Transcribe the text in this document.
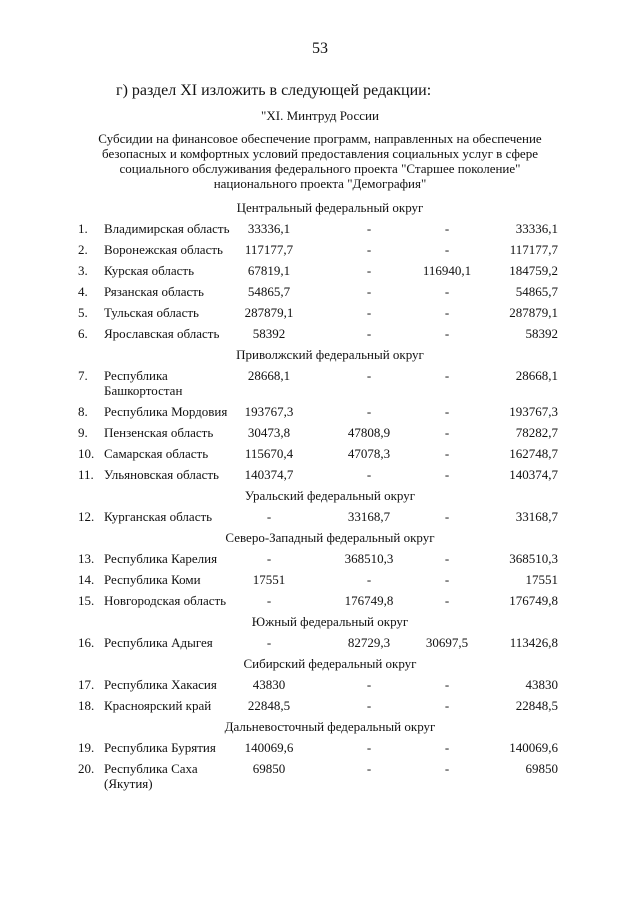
53
г) раздел XI изложить в следующей редакции:
"XI. Минтруд России
Субсидии на финансовое обеспечение программ, направленных на обеспечение
безопасных и комфортных условий предоставления социальных услуг в сфере
социального обслуживания федерального проекта "Старшее поколение"
национального проекта "Демография"
Центральный федеральный округ
1. Владимирская область	33336,1	-	-	33336,1
2. Воронежская область	117177,7	-	-	117177,7
3. Курская область	67819,1	-	116940,1	184759,2
4. Рязанская область	54865,7	-	-	54865,7
5. Тульская область	287879,1	-	-	287879,1
6. Ярославская область	58392	-	-	58392
Приволжский федеральный округ
7. Республика
Башкортостан
28668,1	-	-	28668,1
8. Республика Мордовия	193767,3	-	-	193767,3
9. Пензенская область	30473,8	47808,9	-	78282,7
10. Самарская область	115670,4	47078,3	-	162748,7
11. Ульяновская область	140374,7	-	-	140374,7
Уральский федеральный округ
12. Курганская область	-	33168,7	-	33168,7
Северо-Западный федеральный округ
13. Республика Карелия	-	368510,3	-	368510,3
14. Республика Коми	17551	-	-	17551
15. Новгородская область	-	176749,8	-	176749,8
Южный федеральный округ
16. Республика Адыгея	-	82729,3	30697,5	113426,8
Сибирский федеральный округ
17. Республика Хакасия	43830	-	-	43830
18. Красноярский край	22848,5	-	-	22848,5
Дальневосточный федеральный округ
19. Республика Бурятия	140069,6	-	-	140069,6
20. Республика Саха
(Якутия)
69850	-	-	69850
